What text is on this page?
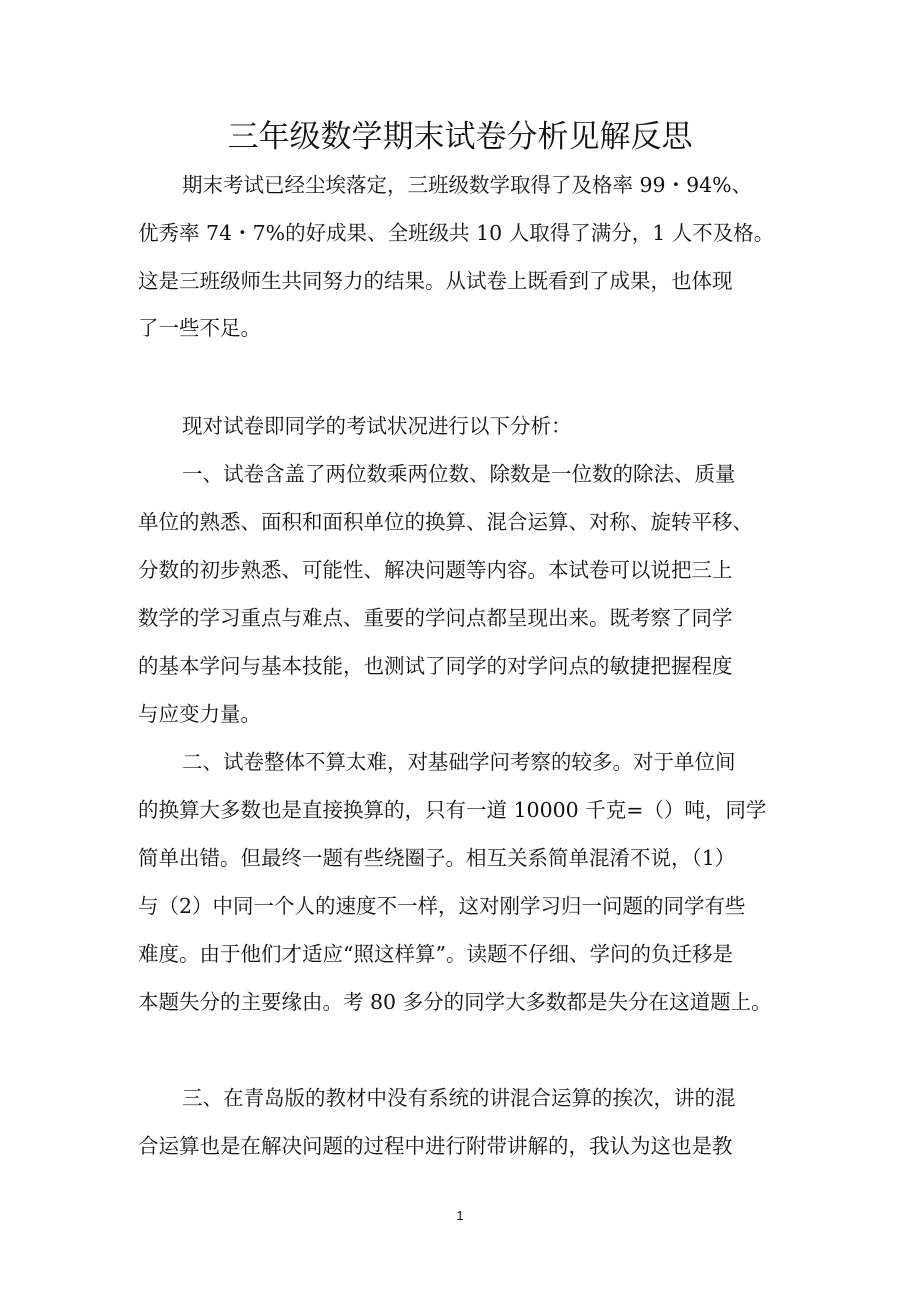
三年级数学期末试卷分析见解反思

期末考试已经尘埃落定，三班级数学取得了及格率 99・94%、

优秀率 74・7%的好成果、全班级共 10 人取得了满分，1 人不及格。

这是三班级师生共同努力的结果。从试卷上既看到了成果，也体现

了一些不足。

现对试卷即同学的考试状况进行以下分析：

一、试卷含盖了两位数乘两位数、除数是一位数的除法、质量

单位的熟悉、面积和面积单位的换算、混合运算、对称、旋转平移、

分数的初步熟悉、可能性、解决问题等内容。本试卷可以说把三上

数学的学习重点与难点、重要的学问点都呈现出来。既考察了同学

的基本学问与基本技能，也测试了同学的对学问点的敏捷把握程度

与应变力量。

二、试卷整体不算太难，对基础学问考察的较多。对于单位间

的换算大多数也是直接换算的，只有一道 10000 千克=（）吨，同学

简单出错。但最终一题有些绕圈子。相互关系简单混淆不说，（1）

与（2）中同一个人的速度不一样，这对刚学习归一问题的同学有些

难度。由于他们才适应“照这样算”。读题不仔细、学问的负迁移是

本题失分的主要缘由。考 80 多分的同学大多数都是失分在这道题上。

三、在青岛版的教材中没有系统的讲混合运算的挨次，讲的混

合运算也是在解决问题的过程中进行附带讲解的，我认为这也是教

1
